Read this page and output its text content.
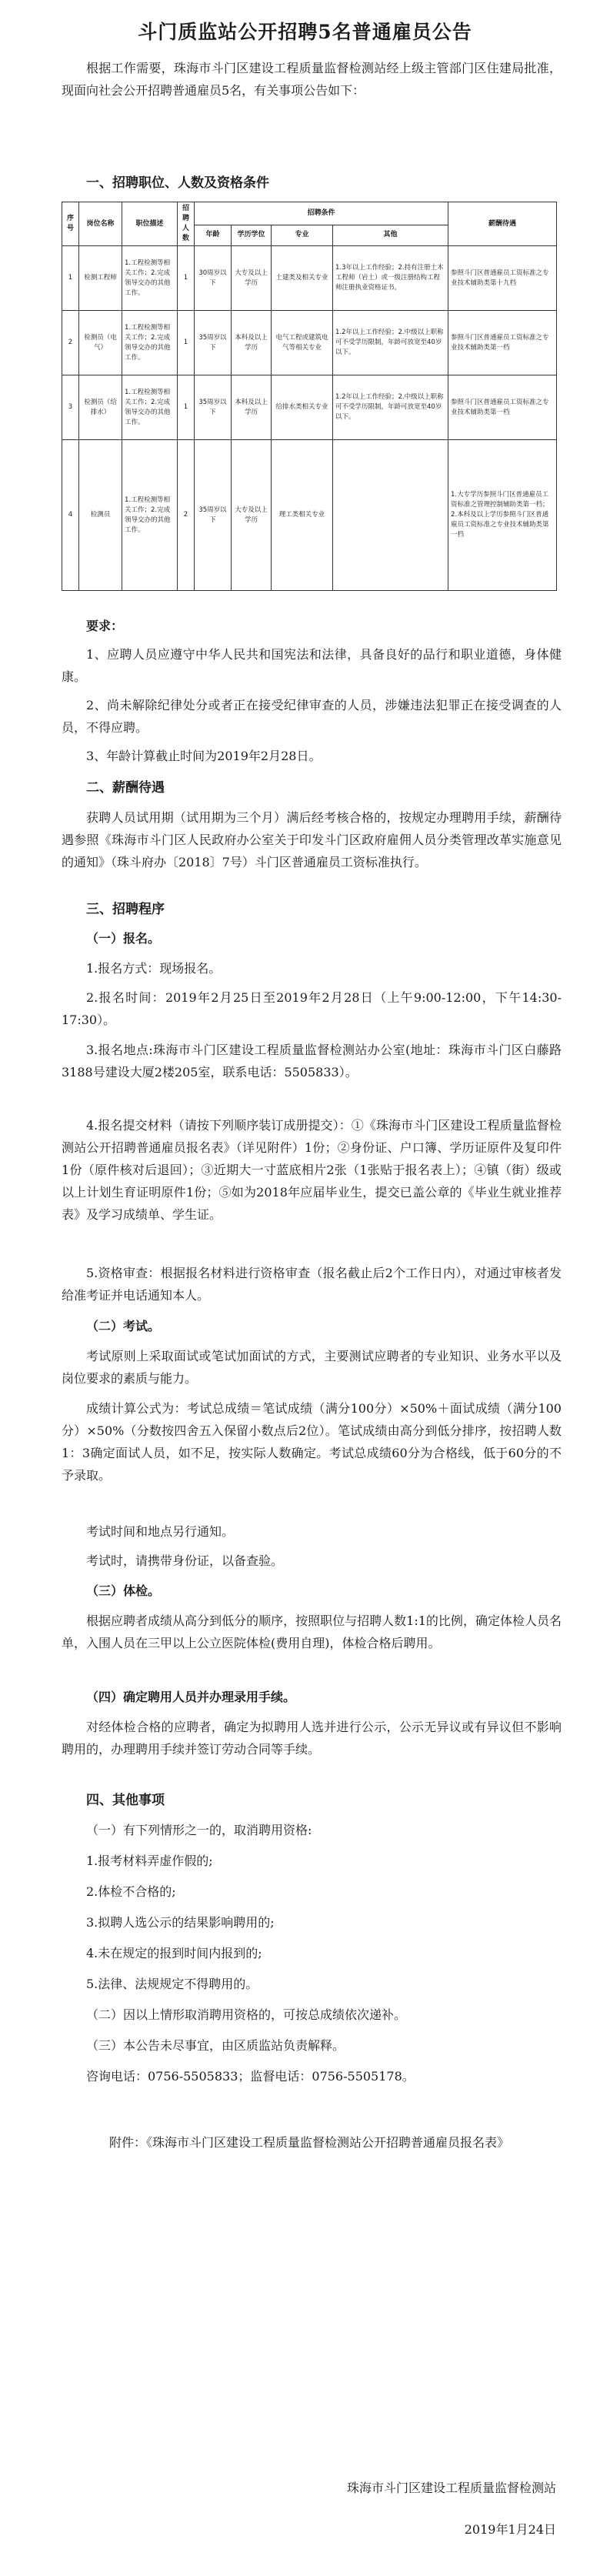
斗门质监站公开招聘5名普通雇员公告

根据工作需要，珠海市斗门区建设工程质量监督检测站经上级主管部门区住建局批准，现面向社会公开招聘普通雇员5名，有关事项公告如下：

一、招聘职位、人数及资格条件

序号	岗位名称	职位描述	招聘人数	招聘条件				薪酬待遇
				年龄	学历学位	专业	其他	
1	检测工程师	1.工程检测等相关工作；2.完成领导交办的其他工作。	1	30周岁以下	大专及以上学历	土建类及相关专业	1.3年以上工作经验；2.持有注册土木工程师（岩土）或一级注册结构工程师注册执业资格证书。	参照斗门区普通雇员工资标准之专业技术辅助类第十九档
2	检测员（电气）	1.工程检测等相关工作；2.完成领导交办的其他工作。	1	35周岁以下	本科及以上学历	电气工程或建筑电气等相关专业	1.2年以上工作经验；2.中级以上职称可不受学历限制，年龄可放宽至40岁以下。	参照斗门区普通雇员工资标准之专业技术辅助类第一档
3	检测员（给排水）	1.工程检测等相关工作；2.完成领导交办的其他工作。	1	35周岁以下	本科及以上学历	给排水类相关专业	1.2年以上工作经验；2.中级以上职称可不受学历限制，年龄可放宽至40岁以下。	参照斗门区普通雇员工资标准之专业技术辅助类第一档
4	检测员	1.工程检测等相关工作；2.完成领导交办的其他工作。	2	35周岁以下	大专及以上学历	理工类相关专业		1.大专学历参照斗门区普通雇员工资标准之管理控制辅助类第一档；2.本科及以上学历参照斗门区普通雇员工资标准之专业技术辅助类第一档

要求：

1、应聘人员应遵守中华人民共和国宪法和法律，具备良好的品行和职业道德，身体健康。

2、尚未解除纪律处分或者正在接受纪律审查的人员，涉嫌违法犯罪正在接受调查的人员，不得应聘。

3、年龄计算截止时间为2019年2月28日。

二、薪酬待遇

获聘人员试用期（试用期为三个月）满后经考核合格的，按规定办理聘用手续，薪酬待遇参照《珠海市斗门区人民政府办公室关于印发斗门区政府雇佣人员分类管理改革实施意见的通知》（珠斗府办〔2018〕7号）斗门区普通雇员工资标准执行。

三、招聘程序

（一）报名。

1.报名方式：现场报名。

2.报名时间：2019年2月25日至2019年2月28日（上午9:00-12:00，下午14:30-17:30）。

3.报名地点:珠海市斗门区建设工程质量监督检测站办公室(地址：珠海市斗门区白藤路3188号建设大厦2楼205室，联系电话：5505833）。

4.报名提交材料（请按下列顺序装订成册提交）：①《珠海市斗门区建设工程质量监督检测站公开招聘普通雇员报名表》（详见附件）1份；②身份证、户口簿、学历证原件及复印件1份（原件核对后退回）；③近期大一寸蓝底相片2张（1张贴于报名表上）；④镇（街）级或以上计划生育证明原件1份；⑤如为2018年应届毕业生，提交已盖公章的《毕业生就业推荐表》及学习成绩单、学生证。

5.资格审查：根据报名材料进行资格审查（报名截止后2个工作日内），对通过审核者发给准考证并电话通知本人。

（二）考试。

考试原则上采取面试或笔试加面试的方式，主要测试应聘者的专业知识、业务水平以及岗位要求的素质与能力。

成绩计算公式为：考试总成绩＝笔试成绩（满分100分）×50%＋面试成绩（满分100分）×50%（分数按四舍五入保留小数点后2位）。笔试成绩由高分到低分排序，按招聘人数1：3确定面试人员，如不足，按实际人数确定。考试总成绩60分为合格线，低于60分的不予录取。

考试时间和地点另行通知。

考试时，请携带身份证，以备查验。

（三）体检。

根据应聘者成绩从高分到低分的顺序，按照职位与招聘人数1:1的比例，确定体检人员名单，入围人员在三甲以上公立医院体检(费用自理)，体检合格后聘用。

（四）确定聘用人员并办理录用手续。

对经体检合格的应聘者，确定为拟聘用人选并进行公示，公示无异议或有异议但不影响聘用的，办理聘用手续并签订劳动合同等手续。

四、其他事项

（一）有下列情形之一的，取消聘用资格:

1.报考材料弄虚作假的;

2.体检不合格的;

3.拟聘人选公示的结果影响聘用的;

4.未在规定的报到时间内报到的;

5.法律、法规规定不得聘用的。

（二）因以上情形取消聘用资格的，可按总成绩依次递补。

（三）本公告未尽事宜，由区质监站负责解释。

咨询电话：0756-5505833；监督电话：0756-5505178。

附件：《珠海市斗门区建设工程质量监督检测站公开招聘普通雇员报名表》

珠海市斗门区建设工程质量监督检测站

2019年1月24日
